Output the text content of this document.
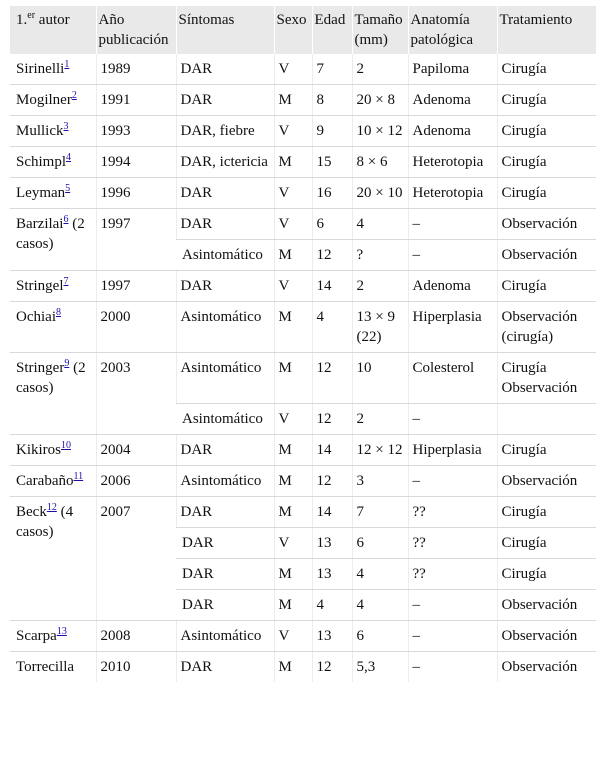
1.$^{er}$ autor	Año publicación	Síntomas	Sexo	Edad	Tamaño (mm)	Anatomía patológica	Tratamiento
Sirinelli$^1$	1989	DAR	V	7	2	Papiloma	Cirugía
Mogilner$^2$	1991	DAR	M	8	20 × 8	Adenoma	Cirugía
Mullick$^3$	1993	DAR, fiebre	V	9	10 × 12	Adenoma	Cirugía
Schimpl$^4$	1994	DAR, ictericia	M	15	8 × 6	Heterotopia	Cirugía
Leyman$^5$	1996	DAR	V	16	20 × 10	Heterotopia	Cirugía
Barzilai$^6$ (2 casos)	1997	DAR	V	6	4	–	Observación
		Asintomático	M	12	?	–	Observación
Stringel$^7$	1997	DAR	V	14	2	Adenoma	Cirugía
Ochiai$^8$	2000	Asintomático	M	4	13 × 9 (22)	Hiperplasia	Observación (cirugía)
Stringer$^9$ (2 casos)	2003	Asintomático	M	12	10	Colesterol	Cirugía Observación
		Asintomático	V	12	2	–	
Kikiros$^{10}$	2004	DAR	M	14	12 × 12	Hiperplasia	Cirugía
Carabaño$^{11}$	2006	Asintomático	M	12	3	–	Observación
Beck$^{12}$ (4 casos)	2007	DAR	M	14	7	??	Cirugía
		DAR	V	13	6	??	Cirugía
		DAR	M	13	4	??	Cirugía
		DAR	M	4	4	–	Observación
Scarpa$^{13}$	2008	Asintomático	V	13	6	–	Observación
Torrecilla	2010	DAR	M	12	5,3	–	Observación
